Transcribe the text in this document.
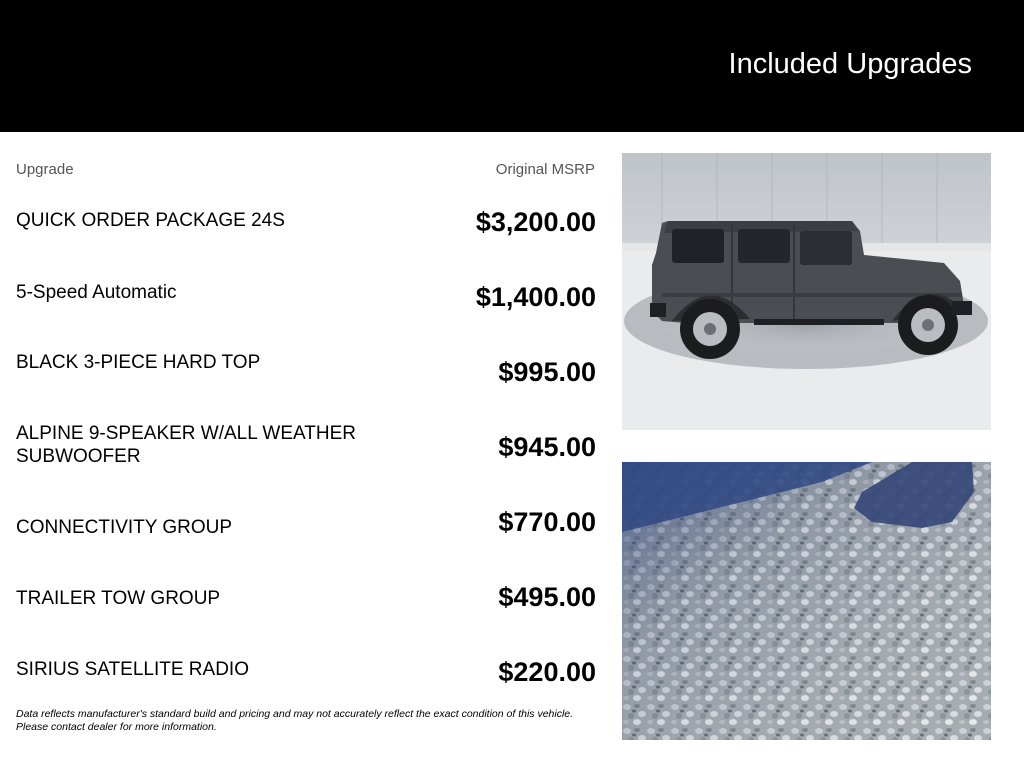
Included Upgrades
Upgrade	Original MSRP
QUICK ORDER PACKAGE 24S	$3,200.00
5-Speed Automatic	$1,400.00
BLACK 3-PIECE HARD TOP	$995.00
ALPINE 9-SPEAKER W/ALL WEATHER SUBWOOFER	$945.00
CONNECTIVITY GROUP	$770.00
TRAILER TOW GROUP	$495.00
SIRIUS SATELLITE RADIO	$220.00
Data reflects manufacturer's standard build and pricing and may not accurately reflect the exact condition of this vehicle. Please contact dealer for more information.
